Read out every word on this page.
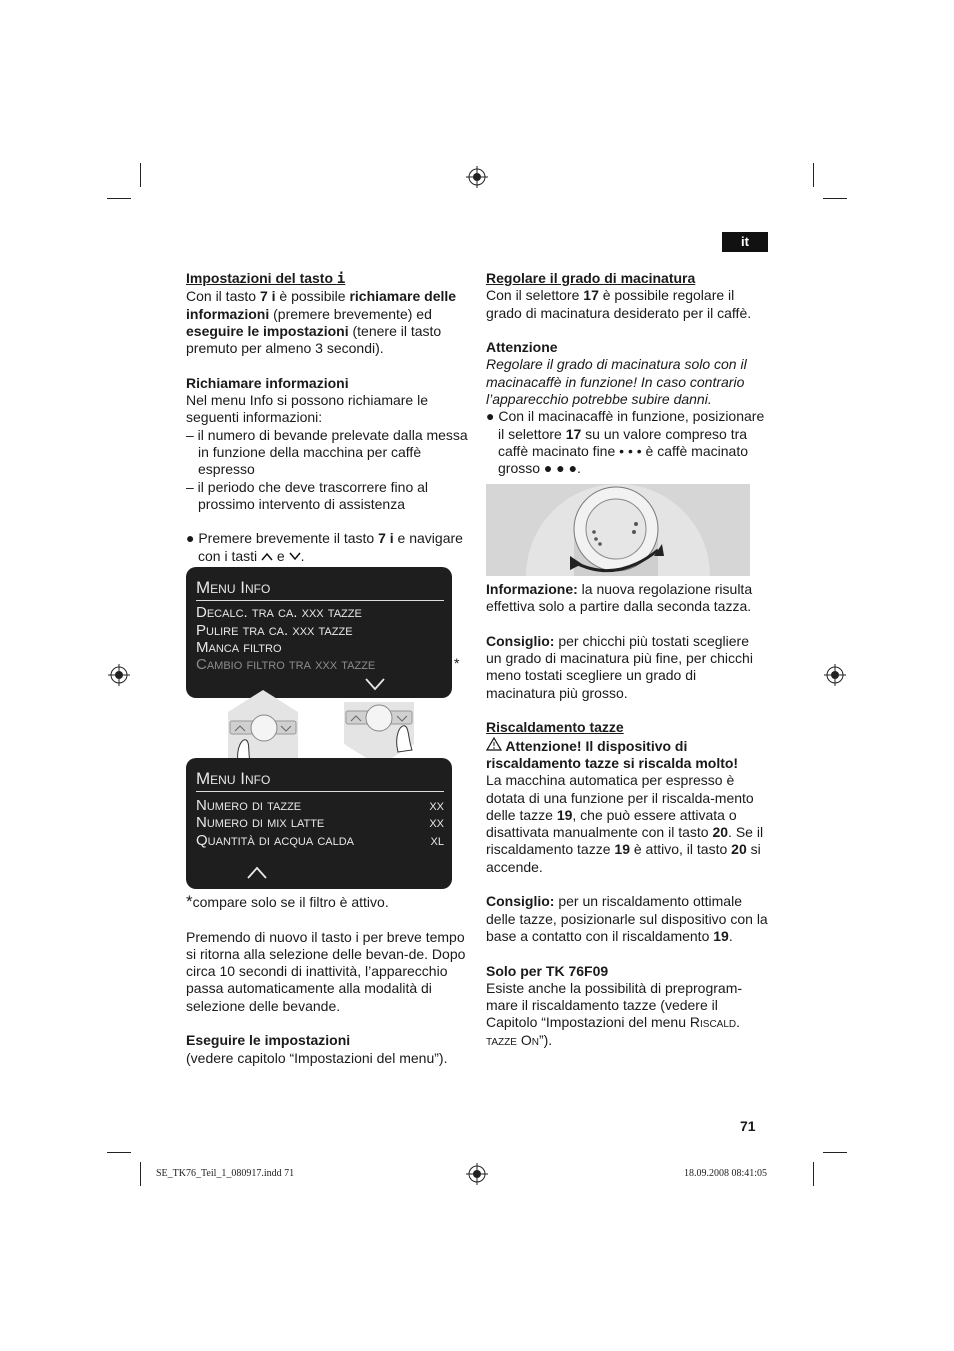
it

Impostazioni del tasto i

Con il tasto 7 i è possibile richiamare delle informazioni (premere brevemente) ed eseguire le impostazioni (tenere il tasto premuto per almeno 3 secondi).

Richiamare informazioni

Nel menu Info si possono richiamare le seguenti informazioni:

– il numero di bevande prelevate dalla messa in funzione della macchina per caffè espresso

– il periodo che deve trascorrere fino al prossimo intervento di assistenza

● Premere brevemente il tasto 7 i e navigare con i tasti  e .

Menu Info
Decalc. tra ca. xxx tazze
Pulire tra ca. xxx tazze
Manca filtro
Cambio filtro tra xxx tazze	*
Menu Info
Numero di tazze	xx
Numero di mix latte	xx
Quantità di acqua calda	xl

*compare solo se il filtro è attivo.

Premendo di nuovo il tasto i per breve tempo si ritorna alla selezione delle bevan-de. Dopo circa 10 secondi di inattività, l’apparecchio passa automaticamente alla modalità di selezione delle bevande.

Eseguire le impostazioni

(vedere capitolo “Impostazioni del menu”).

Regolare il grado di macinatura

Con il selettore 17 è possibile regolare il grado di macinatura desiderato per il caffè.

Attenzione

Regolare il grado di macinatura solo con il macinacaffè in funzione! In caso contrario l’apparecchio potrebbe subire danni.

● Con il macinacaffè in funzione, posizionare il selettore 17 su un valore compreso tra caffè macinato fine • • • è caffè macinato grosso ● ● ●.

Informazione: la nuova regolazione risulta effettiva solo a partire dalla seconda tazza.

Consiglio: per chicchi più tostati scegliere un grado di macinatura più fine, per chicchi meno tostati scegliere un grado di macinatura più grosso.

Riscaldamento tazze

Attenzione! Il dispositivo di riscaldamento tazze si riscalda molto!

La macchina automatica per espresso è dotata di una funzione per il riscalda-mento delle tazze 19, che può essere attivata o disattivata manualmente con il tasto 20. Se il riscaldamento tazze 19 è attivo, il tasto 20 si accende.

Consiglio: per un riscaldamento ottimale delle tazze, posizionarle sul dispositivo con la base a contatto con il riscaldamento 19.

Solo per TK 76F09

Esiste anche la possibilità di preprogram-mare il riscaldamento tazze (vedere il Capitolo “Impostazioni del menu Riscald. tazze On”).

71
SE_TK76_Teil_1_080917.indd 71	18.09.2008 08:41:05
